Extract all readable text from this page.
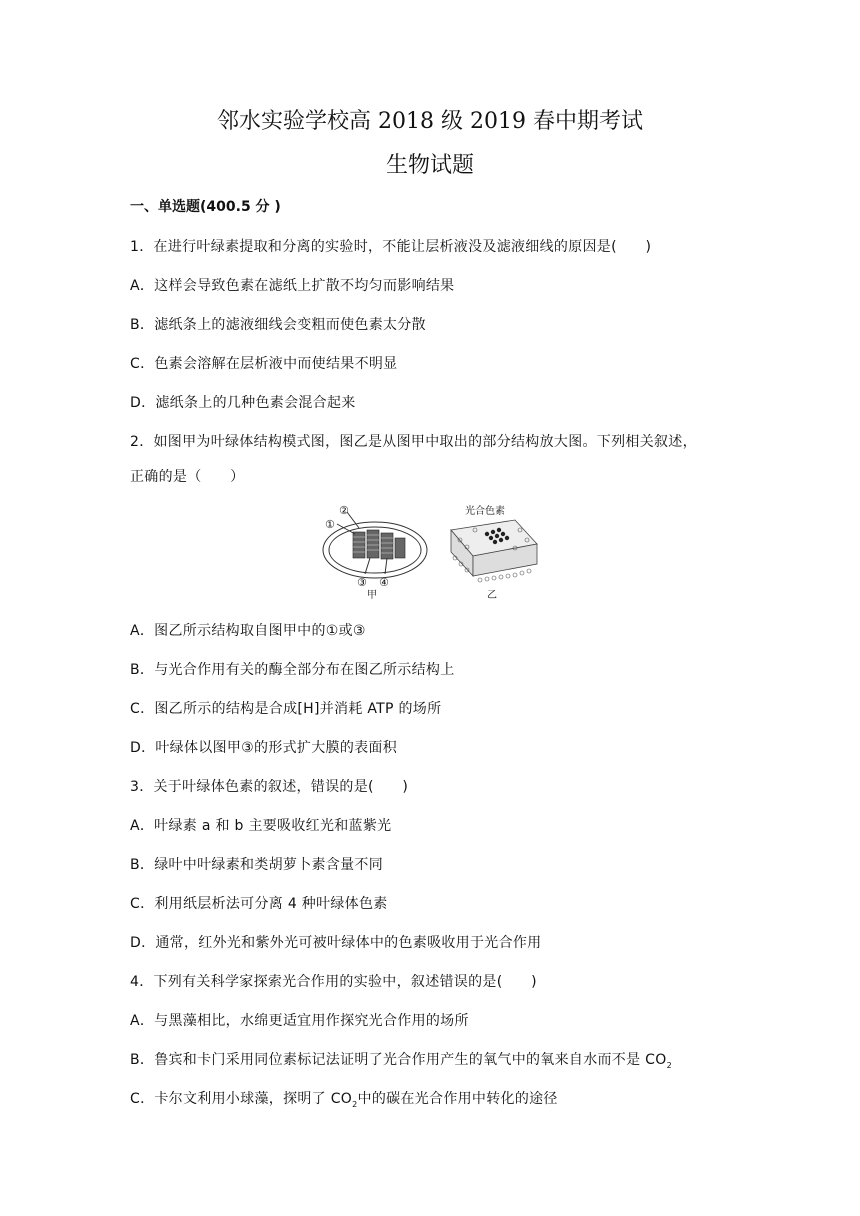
邻水实验学校高 2018 级 2019 春中期考试
生物试题
一、单选题(400.5 分 )
1．在进行叶绿素提取和分离的实验时，不能让层析液没及滤液细线的原因是(　　)
A．这样会导致色素在滤纸上扩散不均匀而影响结果
B．滤纸条上的滤液细线会变粗而使色素太分散
C．色素会溶解在层析液中而使结果不明显
D．滤纸条上的几种色素会混合起来
2．如图甲为叶绿体结构模式图，图乙是从图甲中取出的部分结构放大图。下列相关叙述，
正确的是（　　）
①
②
③ ④
甲
光合色素
乙
A．图乙所示结构取自图甲中的①或③
B．与光合作用有关的酶全部分布在图乙所示结构上
C．图乙所示的结构是合成[H]并消耗 ATP 的场所
D．叶绿体以图甲③的形式扩大膜的表面积
3．关于叶绿体色素的叙述，错误的是(　　)
A．叶绿素 a 和 b 主要吸收红光和蓝紫光
B．绿叶中叶绿素和类胡萝卜素含量不同
C．利用纸层析法可分离 4 种叶绿体色素
D．通常，红外光和紫外光可被叶绿体中的色素吸收用于光合作用
4．下列有关科学家探索光合作用的实验中，叙述错误的是(　　)
A．与黑藻相比，水绵更适宜用作探究光合作用的场所
B．鲁宾和卡门采用同位素标记法证明了光合作用产生的氧气中的氧来自水而不是 $CO_2$
C．卡尔文利用小球藻，探明了 $CO_2$中的碳在光合作用中转化的途径
